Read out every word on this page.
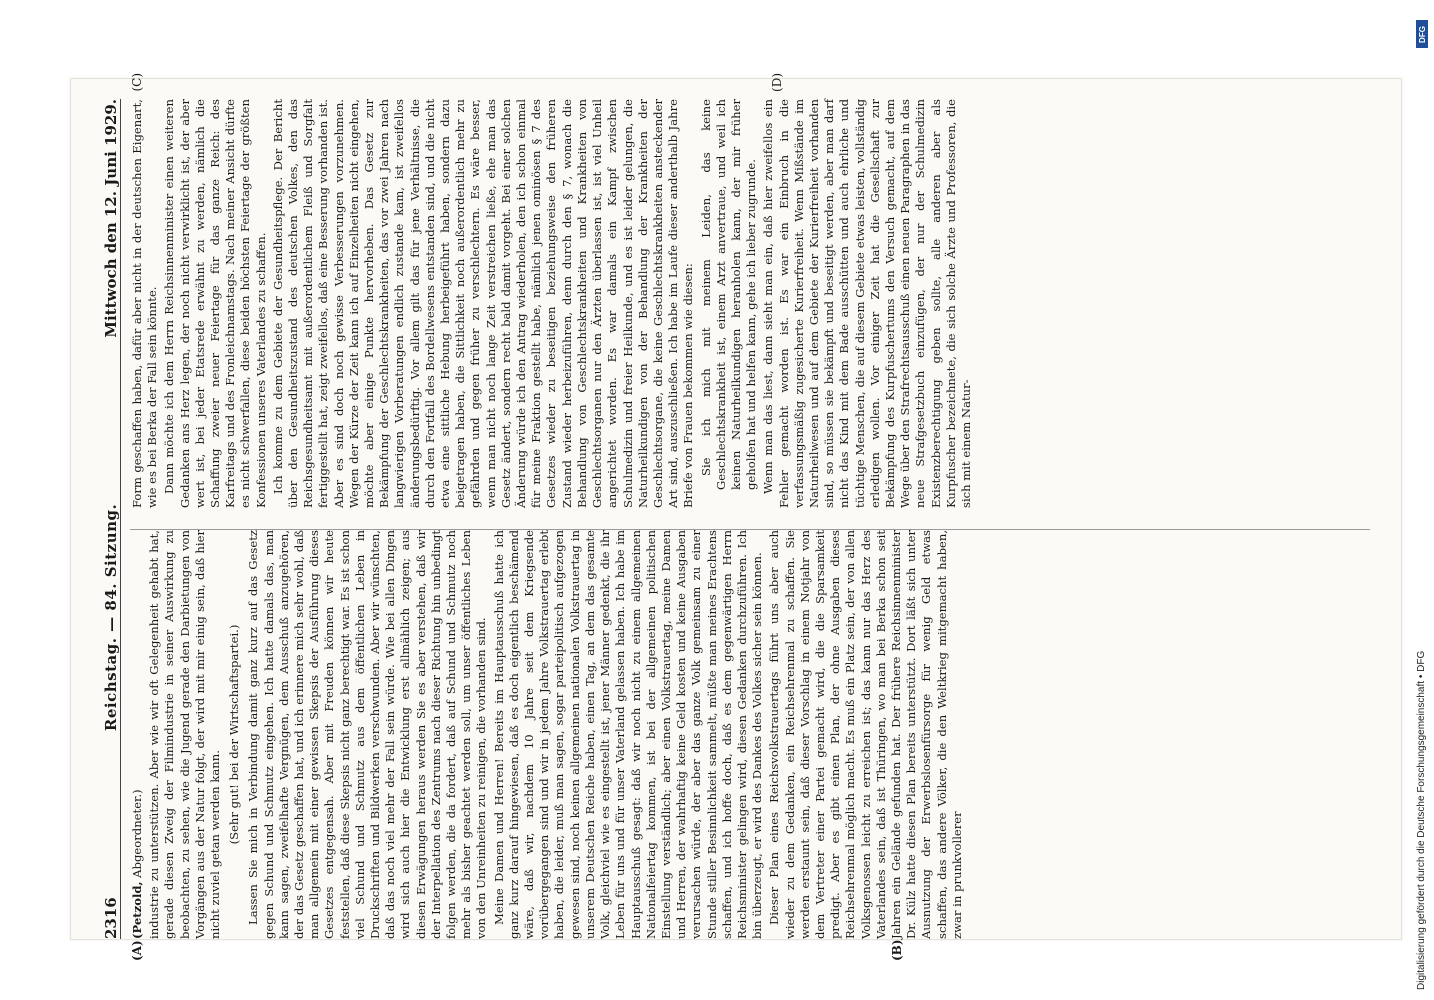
2316
Reichstag. — 84. Sitzung.
Mittwoch den 12. Juni 1929.
(A)	(B)

(Petzold, Abgeordneter.) industrie zu unterstützen. Aber wie wir oft Gelegenheit gehabt hat, gerade diesen Zweig der Filmindustrie in seiner Auswirkung zu beobachten, zu sehen, wie die Jugend gerade den Darbietungen von Vorgängen aus der Natur folgt, der wird mit mir einig sein, daß hier nicht zuviel getan werden kann.

(Sehr gut! bei der Wirtschaftspartei.) Lassen Sie mich in Verbindung damit ganz kurz auf das Gesetz gegen Schund und Schmutz eingehen. Ich hatte damals das, man kann sagen, zweifelhafte Vergnügen, dem Ausschuß anzugehören, der das Gesetz geschaffen hat, und ich erinnere mich sehr wohl, daß man allgemein mit einer gewissen Skepsis der Ausführung dieses Gesetzes entgegensah. Aber mit Freuden können wir heute feststellen, daß diese Skepsis nicht ganz berechtigt war. Es ist schon viel Schund und Schmutz aus dem öffentlichen Leben in Druckschriften und Bildwerken verschwunden. Aber wir wünschten, daß das noch viel mehr der Fall sein würde. Wie bei allen Dingen wird sich auch hier die Entwicklung erst allmählich zeigen; aus diesen Erwägungen heraus werden Sie es aber verstehen, daß wir der Interpellation des Zentrums nach dieser Richtung hin unbedingt folgen werden, die da fordert, daß auf Schund und Schmutz noch mehr als bisher geachtet werden soll, um unser öffentliches Leben von den Unreinheiten zu reinigen, die vorhanden sind. Meine Damen und Herren! Bereits im Hauptausschuß hatte ich ganz kurz darauf hingewiesen, daß es doch eigentlich beschämend wäre, daß wir, nachdem 10 Jahre seit dem Kriegsende vorübergegangen sind und wir in jedem Jahre Volkstrauertag erlebt haben, die leider, muß man sagen, sogar parteipolitisch aufgezogen gewesen sind, noch keinen allgemeinen nationalen Volkstrauertag in unserem Deutschen Reiche haben, einen Tag, an dem das gesamte Volk, gleichviel wie es eingestellt ist, jener Männer gedenkt, die ihr Leben für uns und für unser Vaterland gelassen haben. Ich habe im Hauptausschuß gesagt: daß wir noch nicht zu einem allgemeinen Nationalfeiertag kommen, ist bei der allgemeinen politischen Einstellung verständlich; aber einen Volkstrauertag, meine Damen und Herren, der wahrhaftig keine Geld kosten und keine Ausgaben verursachen würde, der aber das ganze Volk gemeinsam zu einer Stunde stiller Besinnlichkeit sammelt, müßte man meines Erachtens schaffen, und ich hoffe doch, daß es dem gegenwärtigen Herrn Reichsminister gelingen wird, diesen Gedanken durchzuführen. Ich bin überzeugt, er wird des Dankes des Volkes sicher sein können. Dieser Plan eines Reichsvolkstrauertags führt uns aber auch wieder zu dem Gedanken, ein Reichsehrenmal zu schaffen. Sie werden erstaunt sein, daß dieser Vorschlag in einem Notjahr von dem Vertreter einer Partei gemacht wird, die die Sparsamkeit predigt. Aber es gibt einen Plan, der ohne Ausgaben dieses Reichsehrenmal möglich macht. Es muß ein Platz sein, der von allen Volksgenossen leicht zu erreichen ist; das kann nur das Herz des Vaterlandes sein, daß ist Thüringen, wo man bei Berka schon seit Jahren ein Gelände gefunden hat. Der frühere Reichsinnenminister Dr. Külz hatte diesen Plan bereits unterstützt. Dort läßt sich unter Ausnutzung der Erwerbslosenfürsorge für wenig Geld etwas schaffen, das andere Völker, die den Weltkrieg mitgemacht haben, zwar in prunkvollerer

(C)	(D)

Form geschaffen haben, dafür aber nicht in der deutschen Eigenart, wie es bei Berka der Fall sein könnte. Dann möchte ich dem Herrn Reichsinnenminister einen weiteren Gedanken ans Herz legen, der noch nicht verwirklicht ist, der aber wert ist, bei jeder Etatsrede erwähnt zu werden, nämlich die Schaffung zweier neuer Feiertage für das ganze Reich: des Karfreitags und des Fronleichnamstags. Nach meiner Ansicht dürfte es nicht schwerfallen, diese beiden höchsten Feiertage der größten Konfessionen unseres Vaterlandes zu schaffen. Ich komme zu dem Gebiete der Gesundheitspflege. Der Bericht über den Gesundheitszustand des deutschen Volkes, den das Reichsgesundheitsamt mit außerordentlichem Fleiß und Sorgfalt fertiggestellt hat, zeigt zweifellos, daß eine Besserung vorhanden ist. Aber es sind doch noch gewisse Verbesserungen vorzunehmen. Wegen der Kürze der Zeit kann ich auf Einzelheiten nicht eingehen, möchte aber einige Punkte hervorheben. Das Gesetz zur Bekämpfung der Geschlechtskrankheiten, das vor zwei Jahren nach langwierigen Vorberatungen endlich zustande kam, ist zweifellos änderungsbedürftig. Vor allem gilt das für jene Verhältnisse, die durch den Fortfall des Bordellwesens entstanden sind, und die nicht etwa eine sittliche Hebung herbeigeführt haben, sondern dazu beigetragen haben, die Sittlichkeit noch außerordentlich mehr zu gefährden und gegen früher zu verschlechtern. Es wäre besser, wenn man nicht noch lange Zeit verstreichen ließe, ehe man das Gesetz ändert, sondern recht bald damit vorgeht. Bei einer solchen Änderung würde ich den Antrag wiederholen, den ich schon einmal für meine Fraktion gestellt habe, nämlich jenen ominösen § 7 des Gesetzes wieder zu beseitigen beziehungsweise den früheren Zustand wieder herbeizuführen, denn durch den § 7, wonach die Behandlung von Geschlechtskrankheiten und Krankheiten von Geschlechtsorganen nur den Ärzten überlassen ist, ist viel Unheil angerichtet worden. Es war damals ein Kampf zwischen Schulmedizin und freier Heilkunde, und es ist leider gelungen, die Naturheilkundigen von der Behandlung der Krankheiten der Geschlechtsorgane, die keine Geschlechtskrankheiten ansteckender Art sind, auszuschließen. Ich habe im Laufe dieser anderthalb Jahre Briefe von Frauen bekommen wie diesen: Sie ich mich mit meinem Leiden, das keine Geschlechtskrankheit ist, einem Arzt anvertraue, und weil ich keinen Naturheilkundigen heranholen kann, der mir früher geholfen hat und helfen kann, gehe ich lieber zugrunde. Wenn man das liest, dann sieht man ein, daß hier zweifellos ein Fehler gemacht worden ist. Es war ein Einbruch in die verfassungsmäßig zugesicherte Kurierfreiheit. Wenn Mißstände im Naturheilwesen und auf dem Gebiete der Kurierfreiheit vorhanden sind, so müssen sie bekämpft und beseitigt werden, aber man darf nicht das Kind mit dem Bade ausschütten und auch ehrliche und tüchtige Menschen, die auf diesem Gebiete etwas leisten, vollständig erledigen wollen. Vor einiger Zeit hat die Gesellschaft zur Bekämpfung des Kurpfuschertums den Versuch gemacht, auf dem Wege über den Strafrechtsausschuß einen neuen Paragraphen in das neue Strafgesetzbuch einzufügen, der nur der Schulmedizin Existenzberechtigung geben sollte, alle anderen aber als Kurpfuscher bezeichnete, die sich solche Ärzte und Professoren, die sich mit einem Natur-

Digitalisierung gefördert durch die Deutsche Forschungsgemeinschaft • DFG
DFG
